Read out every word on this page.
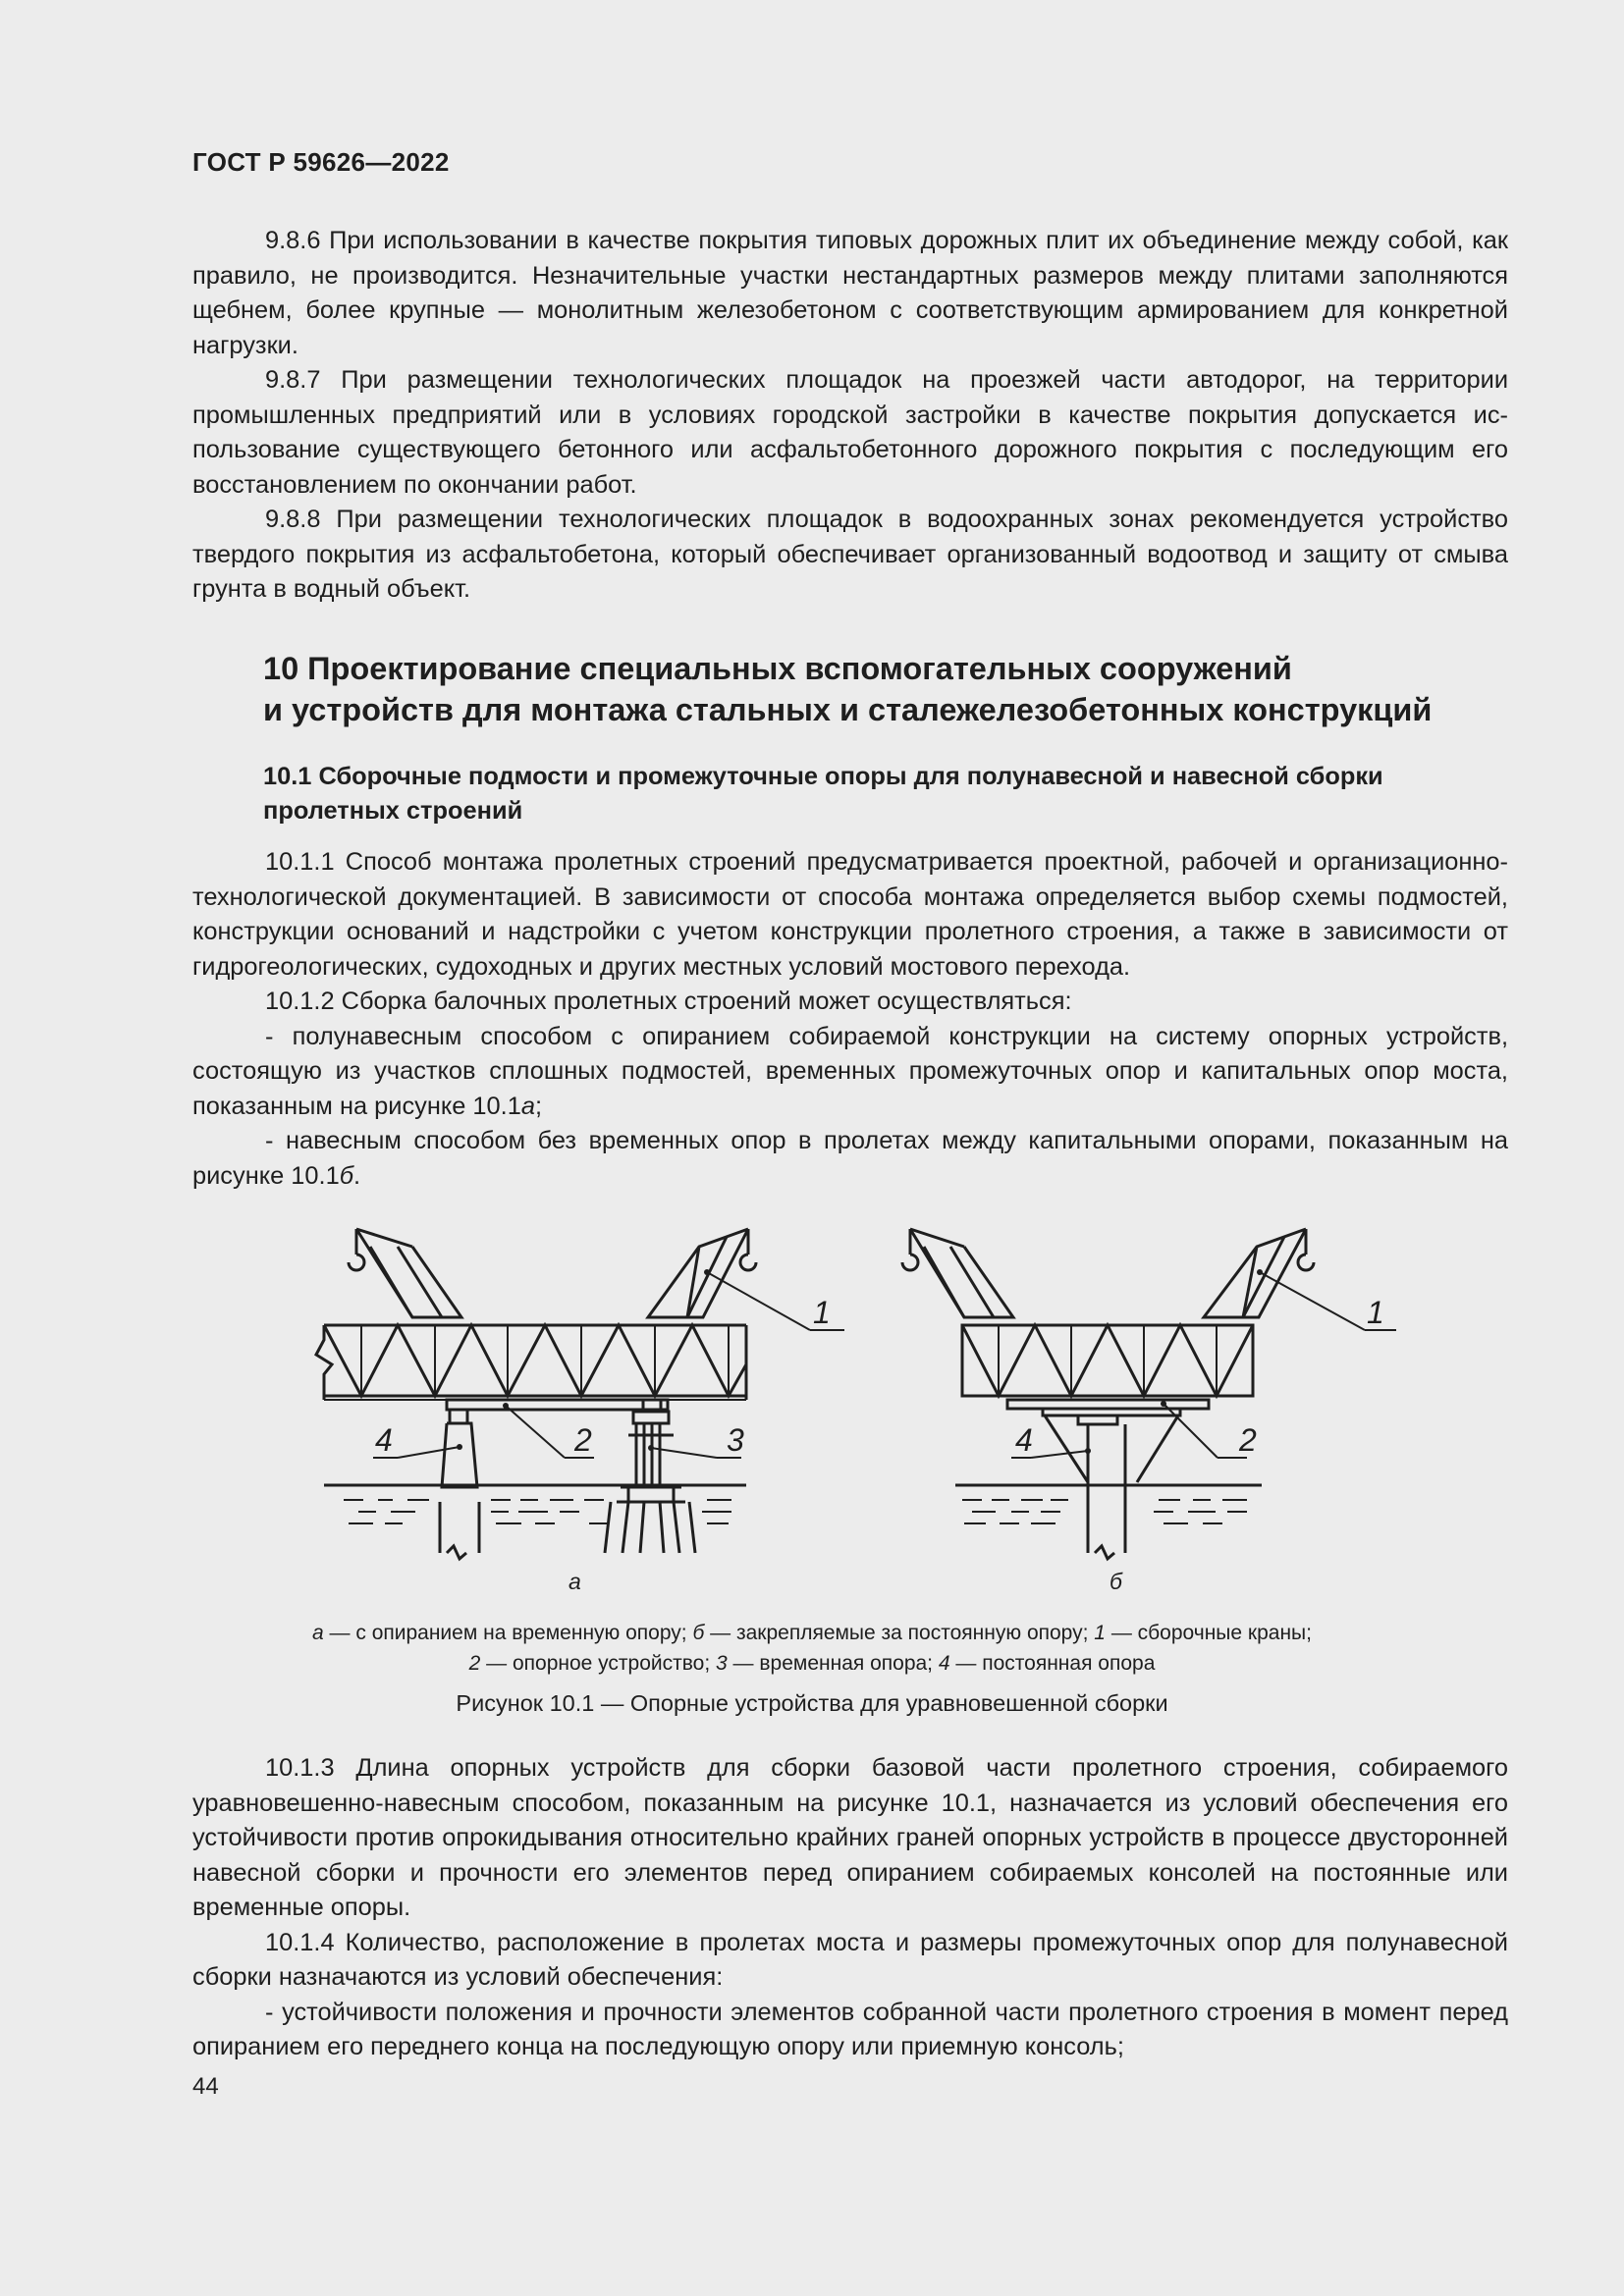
ГОСТ Р 59626—2022

9.8.6 При использовании в качестве покрытия типовых дорожных плит их объединение между собой, как правило, не производится. Незначительные участки нестандартных размеров между плитами заполняются щебнем, более крупные — монолитным железобетоном с соответствующим армированием для конкретной нагрузки.

9.8.7 При размещении технологических площадок на проезжей части автодорог, на территории промышленных предприятий или в условиях городской застройки в качестве покрытия допускается использование существующего бетонного или асфальтобетонного дорожного покрытия с последующим его восстановлением по окончании работ.

9.8.8 При размещении технологических площадок в водоохранных зонах рекомендуется устройство твердого покрытия из асфальтобетона, который обеспечивает организованный водоотвод и защиту от смыва грунта в водный объект.

10 Проектирование специальных вспомогательных сооружений
и устройств для монтажа стальных и сталежелезобетонных конструкций
10.1 Сборочные подмости и промежуточные опоры для полунавесной и навесной сборки
пролетных строений

10.1.1 Способ монтажа пролетных строений предусматривается проектной, рабочей и организационно-технологической документацией. В зависимости от способа монтажа определяется выбор схемы подмостей, конструкции оснований и надстройки с учетом конструкции пролетного строения, а также в зависимости от гидрогеологических, судоходных и других местных условий мостового перехода.

10.1.2 Сборка балочных пролетных строений может осуществляться:

- полунавесным способом с опиранием собираемой конструкции на систему опорных устройств, состоящую из участков сплошных подмостей, временных промежуточных опор и капитальных опор моста, показанным на рисунке 10.1а;

- навесным способом без временных опор в пролетах между капитальными опорами, показанным на рисунке 10.1б.

1
2	3
4
1
2
4
а	б
а — с опиранием на временную опору; б — закрепляемые за постоянную опору; 1 — сборочные краны;
2 — опорное устройство; 3 — временная опора; 4 — постоянная опора
Рисунок 10.1 — Опорные устройства для уравновешенной сборки

10.1.3 Длина опорных устройств для сборки базовой части пролетного строения, собираемого уравновешенно-навесным способом, показанным на рисунке 10.1, назначается из условий обеспечения его устойчивости против опрокидывания относительно крайних граней опорных устройств в процессе двусторонней навесной сборки и прочности его элементов перед опиранием собираемых консолей на постоянные или временные опоры.

10.1.4 Количество, расположение в пролетах моста и размеры промежуточных опор для полунавесной сборки назначаются из условий обеспечения:

- устойчивости положения и прочности элементов собранной части пролетного строения в момент перед опиранием его переднего конца на последующую опору или приемную консоль;

44
